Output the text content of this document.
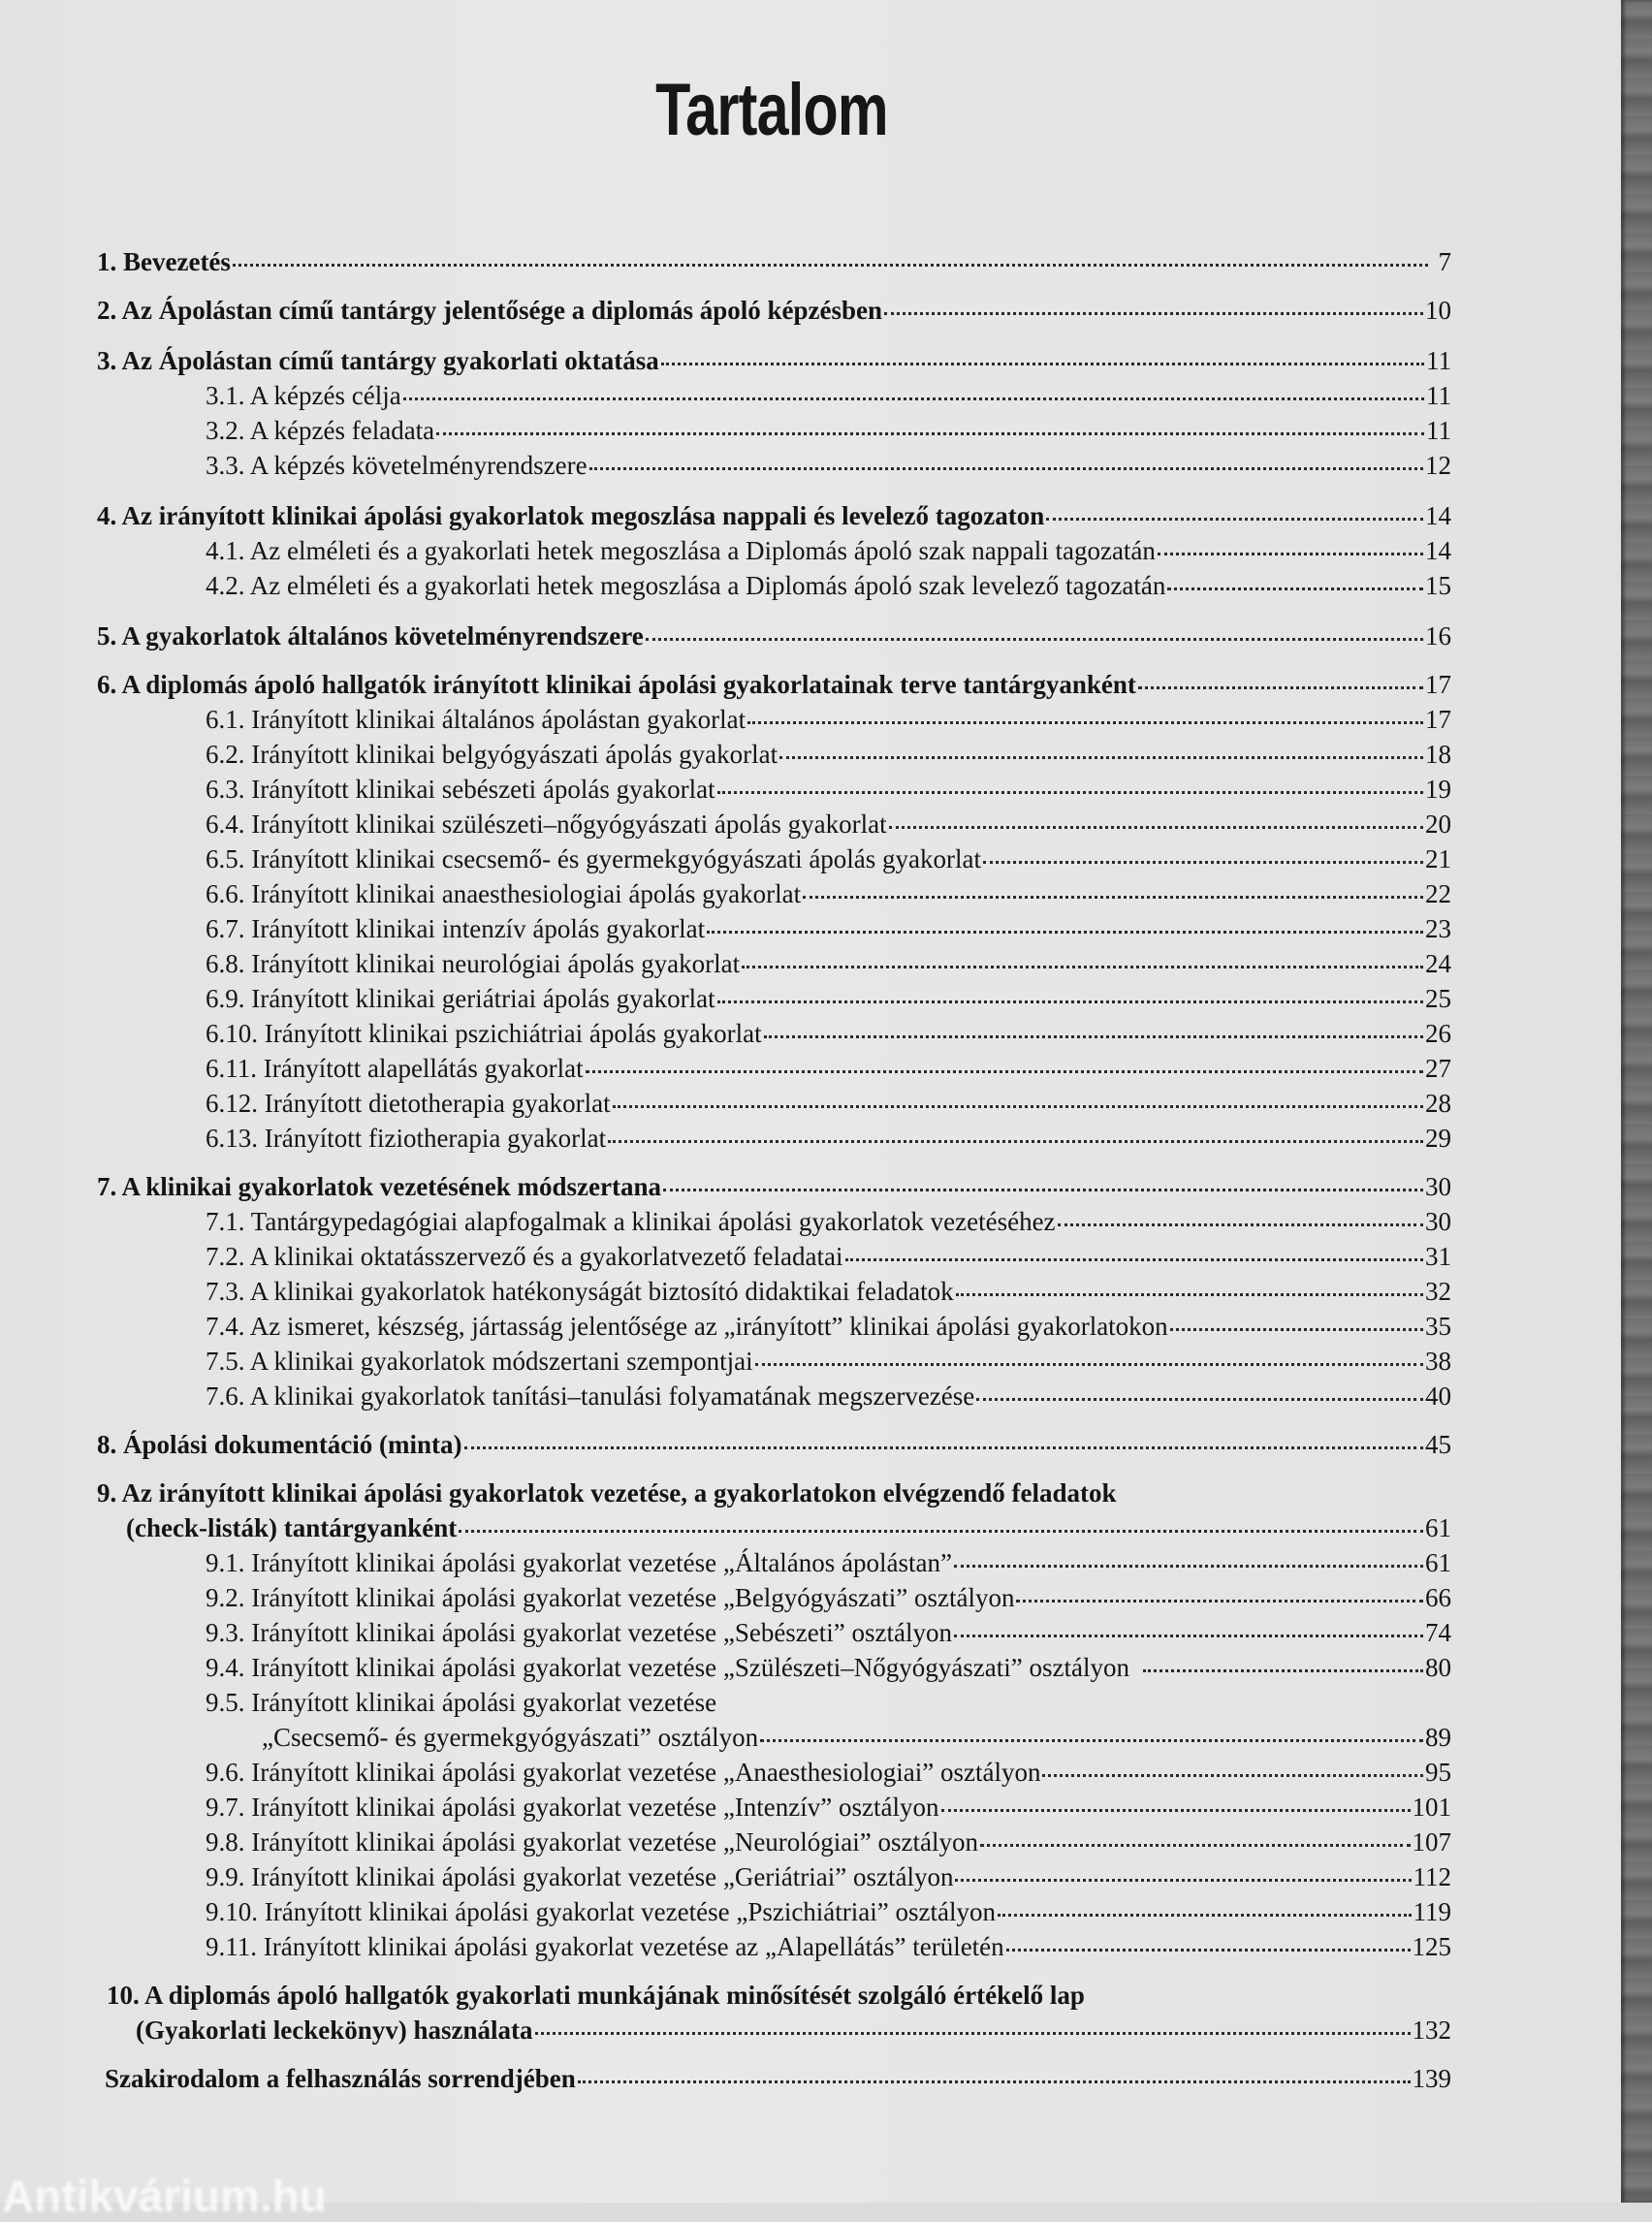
Tartalom
1. Bevezetés	7
2. Az Ápolástan című tantárgy jelentősége a diplomás ápoló képzésben	10
3. Az Ápolástan című tantárgy gyakorlati oktatása	11
3.1. A képzés célja	11
3.2. A képzés feladata	11
3.3. A képzés követelményrendszere	12
4. Az irányított klinikai ápolási gyakorlatok megoszlása nappali és levelező tagozaton	14
4.1. Az elméleti és a gyakorlati hetek megoszlása a Diplomás ápoló szak nappali tagozatán	14
4.2. Az elméleti és a gyakorlati hetek megoszlása a Diplomás ápoló szak levelező tagozatán	15
5. A gyakorlatok általános követelményrendszere	16
6. A diplomás ápoló hallgatók irányított klinikai ápolási gyakorlatainak terve tantárgyanként	17
6.1. Irányított klinikai általános ápolástan gyakorlat	17
6.2. Irányított klinikai belgyógyászati ápolás gyakorlat	18
6.3. Irányított klinikai sebészeti ápolás gyakorlat	19
6.4. Irányított klinikai szülészeti–nőgyógyászati ápolás gyakorlat	20
6.5. Irányított klinikai csecsemő- és gyermekgyógyászati ápolás gyakorlat	21
6.6. Irányított klinikai anaesthesiologiai ápolás gyakorlat	22
6.7. Irányított klinikai intenzív ápolás gyakorlat	23
6.8. Irányított klinikai neurológiai ápolás gyakorlat	24
6.9. Irányított klinikai geriátriai ápolás gyakorlat	25
6.10. Irányított klinikai pszichiátriai ápolás gyakorlat	26
6.11. Irányított alapellátás gyakorlat	27
6.12. Irányított dietotherapia gyakorlat	28
6.13. Irányított fiziotherapia gyakorlat	29
7. A klinikai gyakorlatok vezetésének módszertana	30
7.1. Tantárgypedagógiai alapfogalmak a klinikai ápolási gyakorlatok vezetéséhez	30
7.2. A klinikai oktatásszervező és a gyakorlatvezető feladatai	31
7.3. A klinikai gyakorlatok hatékonyságát biztosító didaktikai feladatok	32
7.4. Az ismeret, készség, jártasság jelentősége az „irányított” klinikai ápolási gyakorlatokon	35
7.5. A klinikai gyakorlatok módszertani szempontjai	38
7.6. A klinikai gyakorlatok tanítási–tanulási folyamatának megszervezése	40
8. Ápolási dokumentáció (minta)	45
9. Az irányított klinikai ápolási gyakorlatok vezetése, a gyakorlatokon elvégzendő feladatok
(check-listák) tantárgyanként	61
9.1. Irányított klinikai ápolási gyakorlat vezetése „Általános ápolástan”	61
9.2. Irányított klinikai ápolási gyakorlat vezetése „Belgyógyászati” osztályon	66
9.3. Irányított klinikai ápolási gyakorlat vezetése „Sebészeti” osztályon	74
9.4. Irányított klinikai ápolási gyakorlat vezetése „Szülészeti–Nőgyógyászati” osztályon	80
9.5. Irányított klinikai ápolási gyakorlat vezetése
„Csecsemő- és gyermekgyógyászati” osztályon	89
9.6. Irányított klinikai ápolási gyakorlat vezetése „Anaesthesiologiai” osztályon	95
9.7. Irányított klinikai ápolási gyakorlat vezetése „Intenzív” osztályon	101
9.8. Irányított klinikai ápolási gyakorlat vezetése „Neurológiai” osztályon	107
9.9. Irányított klinikai ápolási gyakorlat vezetése „Geriátriai” osztályon	112
9.10. Irányított klinikai ápolási gyakorlat vezetése „Pszichiátriai” osztályon	119
9.11. Irányított klinikai ápolási gyakorlat vezetése az „Alapellátás” területén	125
10. A diplomás ápoló hallgatók gyakorlati munkájának minősítését szolgáló értékelő lap
(Gyakorlati leckekönyv) használata	132
Szakirodalom a felhasználás sorrendjében	139
Antikvárium.hu
